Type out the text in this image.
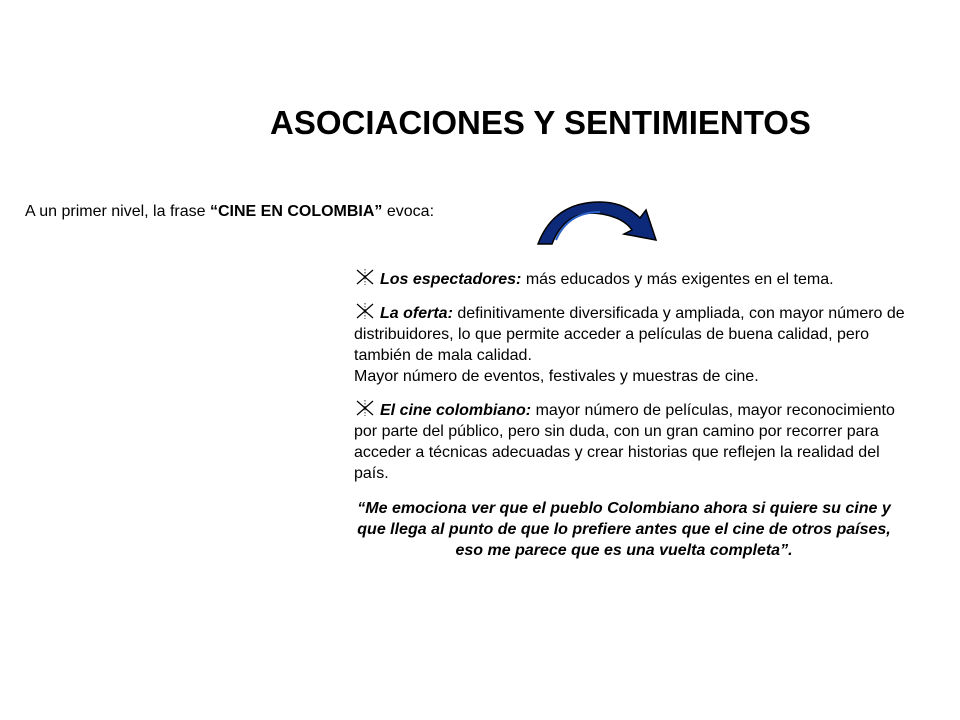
ASOCIACIONES Y SENTIMIENTOS
A un primer nivel, la frase “CINE EN COLOMBIA” evoca:
Los espectadores: más educados y más exigentes en el tema.
La oferta: definitivamente diversificada y ampliada, con mayor número de distribuidores, lo que permite acceder a películas de buena calidad, pero también de mala calidad.
Mayor número de eventos, festivales y muestras de cine.
El cine colombiano: mayor número de películas, mayor reconocimiento por parte del público, pero sin duda, con un gran camino por recorrer para acceder a técnicas adecuadas y crear historias que reflejen la realidad del país.
“Me emociona ver que el pueblo Colombiano ahora si quiere su cine y que llega al punto de que lo prefiere antes que el cine de otros países, eso me parece que es una vuelta completa”.
